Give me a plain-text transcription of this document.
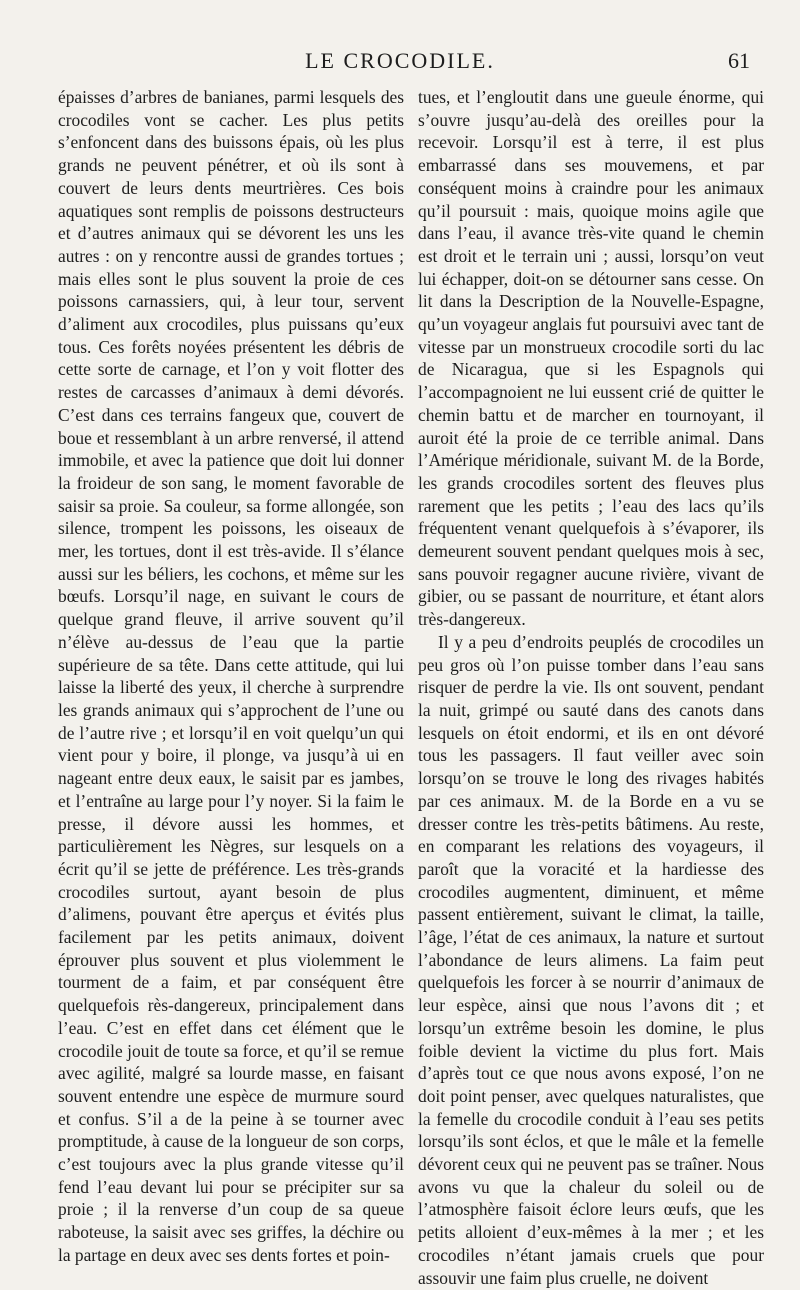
LE CROCODILE.	61

épaisses d’arbres de banianes, parmi lesquels des crocodiles vont se cacher. Les plus petits s’enfoncent dans des buissons épais, où les plus grands ne peuvent pénétrer, et où ils sont à couvert de leurs dents meurtrières. Ces bois aquatiques sont remplis de poissons destructeurs et d’autres animaux qui se dévorent les uns les autres : on y rencontre aussi de grandes tortues ; mais elles sont le plus souvent la proie de ces poissons carnassiers, qui, à leur tour, servent d’aliment aux crocodiles, plus puissans qu’eux tous. Ces forêts noyées présentent les débris de cette sorte de carnage, et l’on y voit flotter des restes de carcasses d’animaux à demi dévorés. C’est dans ces terrains fangeux que, couvert de boue et ressemblant à un arbre renversé, il attend immobile, et avec la patience que doit lui donner la froideur de son sang, le moment favorable de saisir sa proie. Sa couleur, sa forme allongée, son silence, trompent les poissons, les oiseaux de mer, les tortues, dont il est très-avide. Il s’élance aussi sur les béliers, les cochons, et même sur les bœufs. Lorsqu’il nage, en suivant le cours de quelque grand fleuve, il arrive souvent qu’il n’élève au-dessus de l’eau que la partie supérieure de sa tête. Dans cette attitude, qui lui laisse la liberté des yeux, il cherche à surprendre les grands animaux qui s’approchent de l’une ou de l’autre rive ; et lorsqu’il en voit quelqu’un qui vient pour y boire, il plonge, va jusqu’à ui en nageant entre deux eaux, le saisit par es jambes, et l’entraîne au large pour l’y noyer. Si la faim le presse, il dévore aussi les hommes, et particulièrement les Nègres, sur lesquels on a écrit qu’il se jette de préférence. Les très-grands crocodiles surtout, ayant besoin de plus d’alimens, pouvant être aperçus et évités plus facilement par les petits animaux, doivent éprouver plus souvent et plus violemment le tourment de a faim, et par conséquent être quelquefois rès-dangereux, principalement dans l’eau. C’est en effet dans cet élément que le crocodile jouit de toute sa force, et qu’il se remue avec agilité, malgré sa lourde masse, en faisant souvent entendre une espèce de murmure sourd et confus. S’il a de la peine à se tourner avec promptitude, à cause de la longueur de son corps, c’est toujours avec la plus grande vitesse qu’il fend l’eau devant lui pour se précipiter sur sa proie ; il la renverse d’un coup de sa queue raboteuse, la saisit avec ses griffes, la déchire ou la partage en deux avec ses dents fortes et poin-

tues, et l’engloutit dans une gueule énorme, qui s’ouvre jusqu’au-delà des oreilles pour la recevoir. Lorsqu’il est à terre, il est plus embarrassé dans ses mouvemens, et par conséquent moins à craindre pour les animaux qu’il poursuit : mais, quoique moins agile que dans l’eau, il avance très-vite quand le chemin est droit et le terrain uni ; aussi, lorsqu’on veut lui échapper, doit-on se détourner sans cesse. On lit dans la Description de la Nouvelle-Espagne, qu’un voyageur anglais fut poursuivi avec tant de vitesse par un monstrueux crocodile sorti du lac de Nicaragua, que si les Espagnols qui l’accompagnoient ne lui eussent crié de quitter le chemin battu et de marcher en tournoyant, il auroit été la proie de ce terrible animal. Dans l’Amérique méridionale, suivant M. de la Borde, les grands crocodiles sortent des fleuves plus rarement que les petits ; l’eau des lacs qu’ils fréquentent venant quelquefois à s’évaporer, ils demeurent souvent pendant quelques mois à sec, sans pouvoir regagner aucune rivière, vivant de gibier, ou se passant de nourriture, et étant alors très-dangereux.

Il y a peu d’endroits peuplés de crocodiles un peu gros où l’on puisse tomber dans l’eau sans risquer de perdre la vie. Ils ont souvent, pendant la nuit, grimpé ou sauté dans des canots dans lesquels on étoit endormi, et ils en ont dévoré tous les passagers. Il faut veiller avec soin lorsqu’on se trouve le long des rivages habités par ces animaux. M. de la Borde en a vu se dresser contre les très-petits bâtimens. Au reste, en comparant les relations des voyageurs, il paroît que la voracité et la hardiesse des crocodiles augmentent, diminuent, et même passent entièrement, suivant le climat, la taille, l’âge, l’état de ces animaux, la nature et surtout l’abondance de leurs alimens. La faim peut quelquefois les forcer à se nourrir d’animaux de leur espèce, ainsi que nous l’avons dit ; et lorsqu’un extrême besoin les domine, le plus foible devient la victime du plus fort. Mais d’après tout ce que nous avons exposé, l’on ne doit point penser, avec quelques naturalistes, que la femelle du crocodile conduit à l’eau ses petits lorsqu’ils sont éclos, et que le mâle et la femelle dévorent ceux qui ne peuvent pas se traîner. Nous avons vu que la chaleur du soleil ou de l’atmosphère faisoit éclore leurs œufs, que les petits alloient d’eux-mêmes à la mer ; et les crocodiles n’étant jamais cruels que pour assouvir une faim plus cruelle, ne doivent
